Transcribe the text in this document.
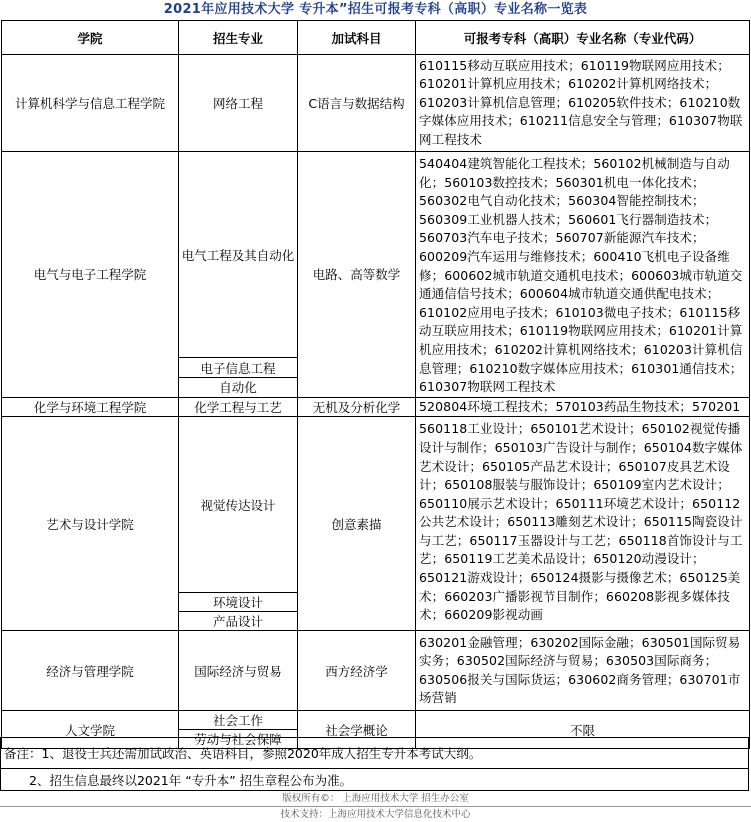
2021年应用技术大学 专升本”招生可报考专科（高职）专业名称一览表
学院	招生专业	加试科目	可报考专科（高职）专业名称（专业代码）
计算机科学与信息工程学院	网络工程	C语言与数据结构	610115移动互联应用技术；610119物联网应用技术；610201计算机应用技术；610202计算机网络技术；610203计算机信息管理；610205软件技术；610210数字媒体应用技术；610211信息安全与管理；610307物联网工程技术
电气与电子工程学院	电气工程及其自动化	电路、高等数学	540404建筑智能化工程技术；560102机械制造与自动化；560103数控技术；560301机电一体化技术；560302电气自动化技术；560304智能控制技术；560309工业机器人技术；560601飞行器制造技术；560703汽车电子技术；560707新能源汽车技术；600209汽车运用与维修技术；600410飞机电子设备维修；600602城市轨道交通机电技术；600603城市轨道交通通信信号技术；600604城市轨道交通供配电技术；610102应用电子技术；610103微电子技术；610115移动互联应用技术；610119物联网应用技术；610201计算机应用技术；610202计算机网络技术；610203计算机信息管理；610210数字媒体应用技术；610301通信技术；610307物联网工程技术
	电子信息工程		
	自动化		
化学与环境工程学院	化学工程与工艺	无机及分析化学	520804环境工程技术；570103药品生物技术；570201
艺术与设计学院	视觉传达设计	创意素描	560118工业设计；650101艺术设计；650102视觉传播设计与制作；650103广告设计与制作；650104数字媒体艺术设计；650105产品艺术设计；650107皮具艺术设计；650108服装与服饰设计；650109室内艺术设计；650110展示艺术设计；650111环境艺术设计；650112公共艺术设计；650113雕刻艺术设计；650115陶瓷设计与工艺；650117玉器设计与工艺；650118首饰设计与工艺；650119工艺美术品设计；650120动漫设计；650121游戏设计；650124摄影与摄像艺术；650125美术；660203广播影视节目制作；660208影视多媒体技术；660209影视动画
	环境设计		
	产品设计		
经济与管理学院	国际经济与贸易	西方经济学	630201金融管理；630202国际金融；630501国际贸易实务；630502国际经济与贸易；630503国际商务；630506报关与国际货运；630602商务管理；630701市场营销
人文学院	社会工作	社会学概论	不限
	劳动与社会保障		
备注：1、退役士兵还需加试政治、英语科目，参照2020年成人招生专升本考试大纲。
2、招生信息最终以2021年 “专升本” 招生章程公布为准。
版权所有©： 上海应用技术大学 招生办公室
技术支持：上海应用技术大学信息化技术中心
